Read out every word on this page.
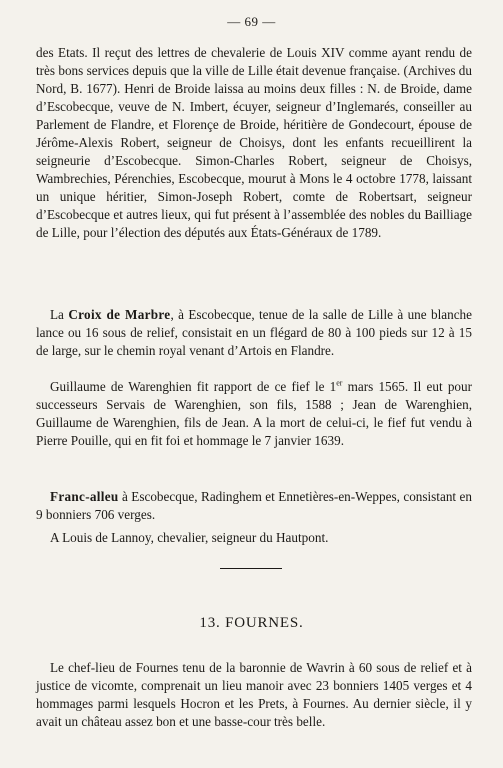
— 69 —

des Etats. Il reçut des lettres de chevalerie de Louis XIV comme ayant rendu de très bons services depuis que la ville de Lille était devenue française. (Archives du Nord, B. 1677). Henri de Broide laissa au moins deux filles : N. de Broide, dame d’Escobecque, veuve de N. Imbert, écuyer, seigneur d’Inglemarés, conseiller au Parlement de Flandre, et Florençe de Broide, héritière de Gondecourt, épouse de Jérôme-Alexis Robert, seigneur de Choisys, dont les enfants recueillirent la seigneurie d’Escobecque. Simon-Charles Robert, seigneur de Choisys, Wambrechies, Pérenchies, Escobecque, mourut à Mons le 4 octobre 1778, laissant un unique héritier, Simon-Joseph Robert, comte de Robertsart, seigneur d’Escobecque et autres lieux, qui fut présent à l’assemblée des nobles du Bailliage de Lille, pour l’élection des députés aux États-Généraux de 1789.

La Croix de Marbre, à Escobecque, tenue de la salle de Lille à une blanche lance ou 16 sous de relief, consistait en un flégard de 80 à 100 pieds sur 12 à 15 de large, sur le chemin royal venant d’Artois en Flandre.

Guillaume de Warenghien fit rapport de ce fief le 1er mars 1565. Il eut pour successeurs Servais de Warenghien, son fils, 1588 ; Jean de Warenghien, Guillaume de Warenghien, fils de Jean. A la mort de celui-ci, le fief fut vendu à Pierre Pouille, qui en fit foi et hommage le 7 janvier 1639.

Franc-alleu à Escobecque, Radinghem et Ennetières-en-Weppes, consistant en 9 bonniers 706 verges.

A Louis de Lannoy, chevalier, seigneur du Hautpont.

13. FOURNES.

Le chef-lieu de Fournes tenu de la baronnie de Wavrin à 60 sous de relief et à justice de vicomte, comprenait un lieu manoir avec 23 bonniers 1405 verges et 4 hommages parmi lesquels Hocron et les Prets, à Fournes. Au dernier siècle, il y avait un château assez bon et une basse-cour très belle.
